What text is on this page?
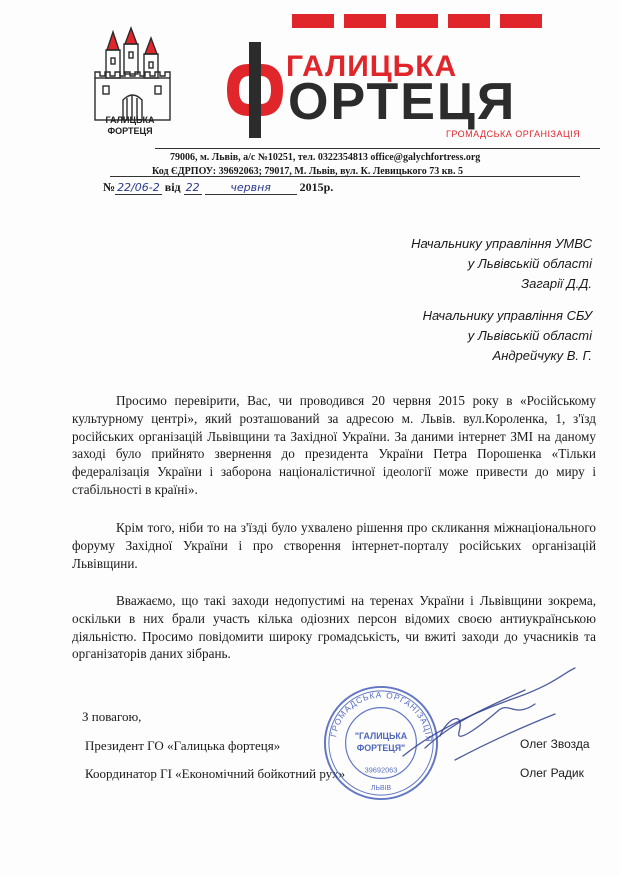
ГАЛИЦЬКА
ФОРТЕЦЯ
ГАЛИЦЬКА
ОРТЕЦЯ
ГРОМАДСЬКА ОРГАНІЗАЦІЯ
79006, м. Львів, а/с №10251, тел. 0322354813 office@galychfortress.org
Код ЄДРПОУ: 39692063; 79017, М. Львів, вул. К. Левицького 73 кв. 5
№ 22/06-2 від 22	червня 2015р.
Начальнику управління УМВС
у Львівській області
Загарії Д.Д.
Начальнику управління СБУ
у Львівській області
Андрейчуку В. Г.
Просимо перевірити, Вас, чи проводився 20 червня 2015 року в «Російському культурному центрі», який розташований за адресою м. Львів. вул.Короленка, 1, з'їзд російських організацій Львівщини та Західної України. За даними інтернет ЗМІ на даному заході було прийнято звернення до президента України Петра Порошенка «Тільки федералізація України і заборона націоналістичної ідеології може привести до миру і стабільності в країні».
Крім того, ніби то на з'їзді було ухвалено рішення про скликання міжнаціонального форуму Західної України і про створення інтернет-порталу російських організацій Львівщини.
Вважаємо, що такі заходи недопустимі на теренах України і Львівщини зокрема, оскільки в них брали участь кілька одіозних персон відомих своєю антиукраїнською діяльністю. Просимо повідомити широку громадськість, чи вжиті заходи до учасників та організаторів даних зібрань.
З повагою,
Президент ГО «Галицька фортеця»
Координатор ГІ «Економічний бойкотний рух»
Олег Звозда
Олег Радик
ГРОМАДСЬКА ОРГАНІЗАЦІЯ
"ГАЛИЦЬКА
ФОРТЕЦЯ"
39692063
ЛЬВІВ
